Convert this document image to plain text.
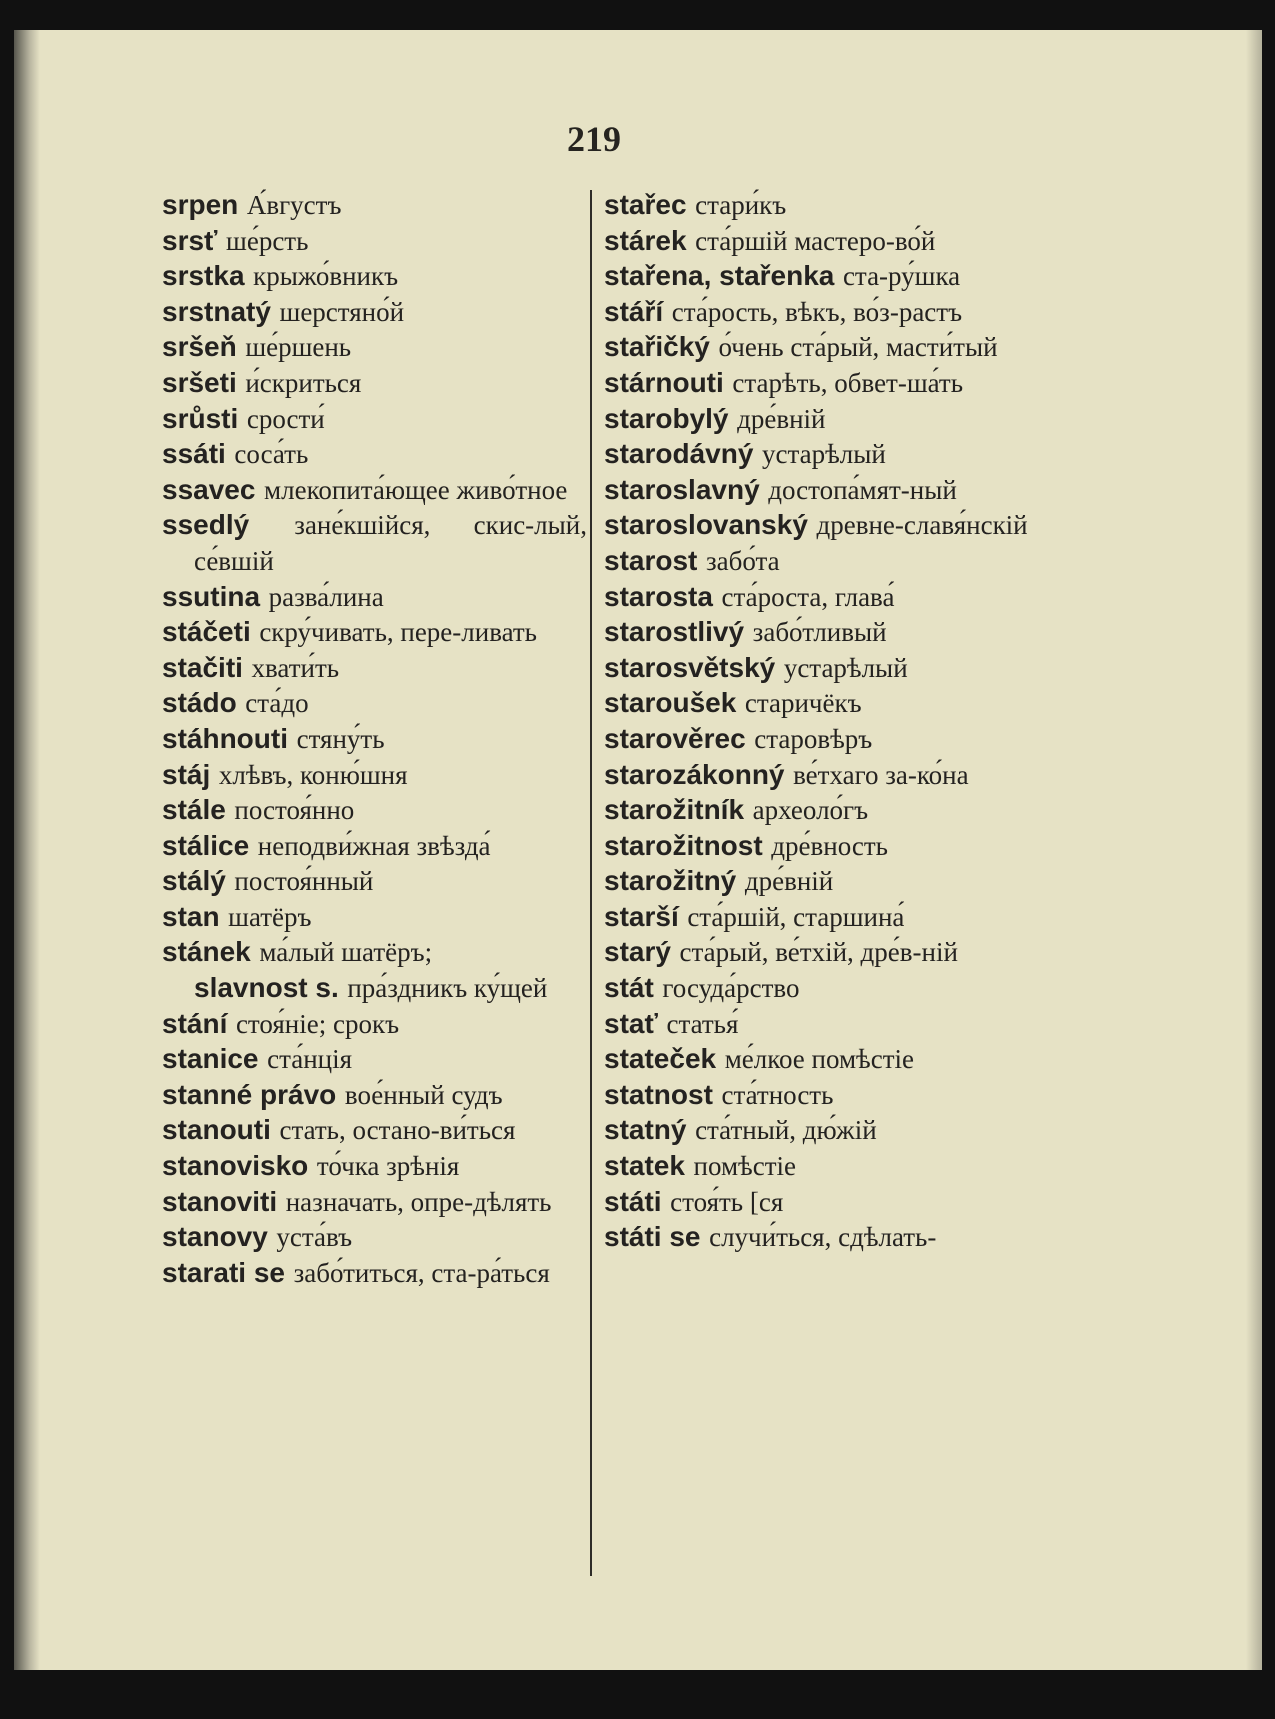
219

srpen А́вгустъ

srsť ше́рсть

srstka крыжо́вникъ

srstnatý шерстяно́й

sršeň ше́ршень

sršeti и́скриться

srůsti срости́

ssáti соса́ть

ssavec млекопита́ющее живо́тное

ssedlý зане́кшійся, скис-лый, се́вшій

ssutina разва́лина

stáčeti скру́чивать, пере-ливать

stačiti хвати́ть

stádo ста́до

stáhnouti стяну́ть

stáj хлѣвъ, коню́шня

stále постоя́нно

stálice неподви́жная звѣзда́

stálý постоя́нный

stan шатёръ

stánek ма́лый шатёръ;

slavnost s. пра́здникъ ку́щей

stání стоя́ніе; срокъ

stanice ста́нція

stanné právo вое́нный судъ

stanouti стать, остано-ви́ться

stanovisko то́чка зрѣнія

stanoviti назначать, опре-дѣлять

stanovy уста́въ

starati se забо́титься, ста-ра́ться

stařec стари́къ

stárek ста́ршій мастеро-во́й

stařena, stařenka ста-ру́шка

stáří ста́рость, вѣкъ, во́з-растъ

stařičký о́чень ста́рый, масти́тый

stárnouti старѣть, обвет-ша́ть

starobylý дре́вній

starodávný устарѣлый

staroslavný достопа́мят-ный

staroslovanský древне-славя́нскій

starost забо́та

starosta ста́роста, глава́

starostlivý забо́тливый

starosvětský устарѣлый

staroušek старичёкъ

starověrec старовѣръ

starozákonný ве́тхаго за-ко́на

starožitník археоло́гъ

starožitnost дре́вность

starožitný дре́вній

starší ста́ршій, старшина́

starý ста́рый, ве́тхій, дре́в-ній

stát госуда́рство

stať статья́

stateček ме́лкое помѣстіе

statnost ста́тность

statný ста́тный, дю́жій

statek помѣстіе

státi стоя́ть [ся

státi se случи́ться, сдѣлать-
